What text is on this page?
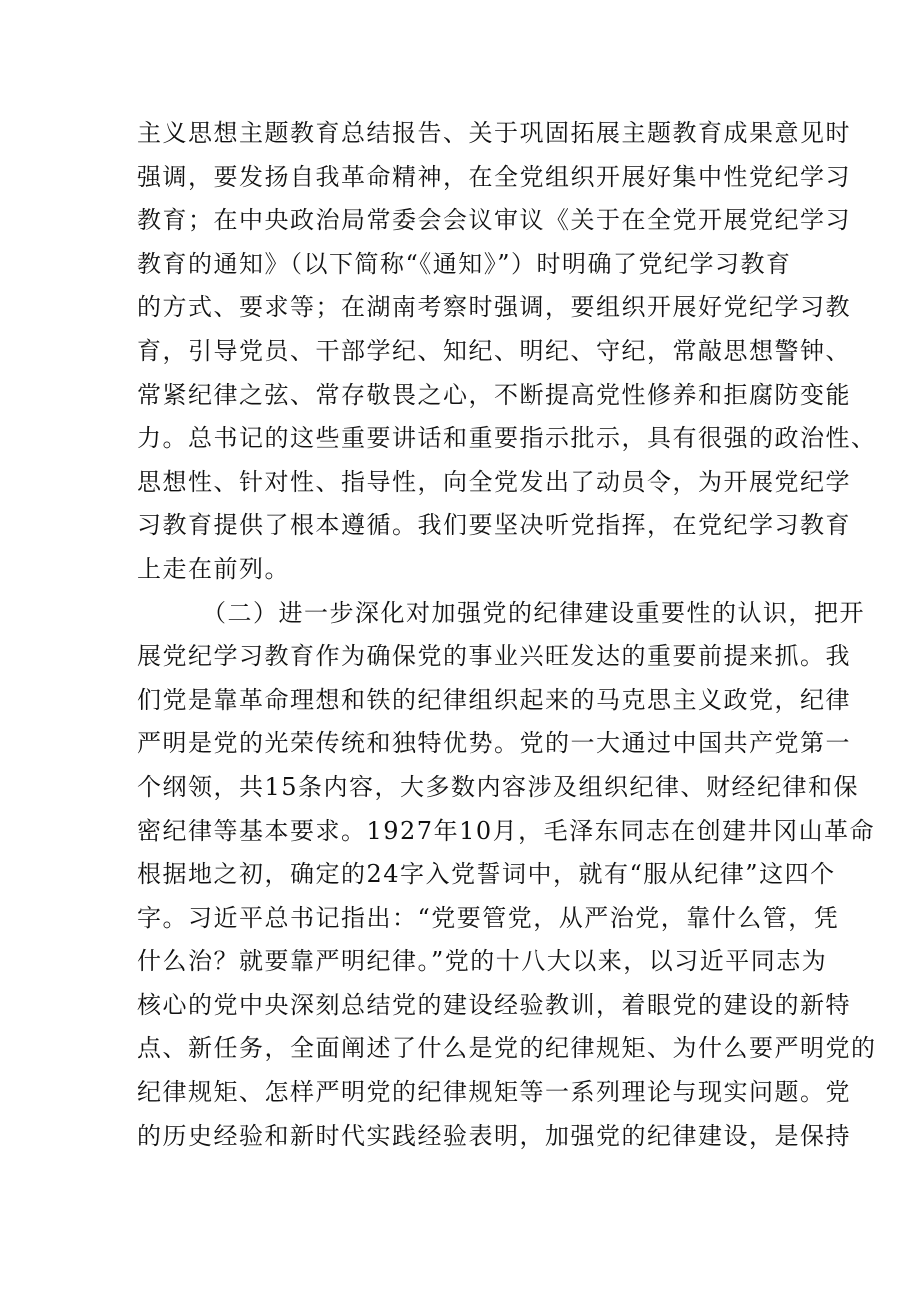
主义思想主题教育总结报告、关于巩固拓展主题教育成果意见时
强调，要发扬自我革命精神，在全党组织开展好集中性党纪学习
教育；在中央政治局常委会会议审议《关于在全党开展党纪学习
教育的通知》（以下简称“《通知》”）时明确了党纪学习教育
的方式、要求等；在湖南考察时强调，要组织开展好党纪学习教
育，引导党员、干部学纪、知纪、明纪、守纪，常敲思想警钟、
常紧纪律之弦、常存敬畏之心，不断提高党性修养和拒腐防变能
力。总书记的这些重要讲话和重要指示批示，具有很强的政治性、
思想性、针对性、指导性，向全党发出了动员令，为开展党纪学
习教育提供了根本遵循。我们要坚决听党指挥，在党纪学习教育
上走在前列。
（二）进一步深化对加强党的纪律建设重要性的认识，把开
展党纪学习教育作为确保党的事业兴旺发达的重要前提来抓。我
们党是靠革命理想和铁的纪律组织起来的马克思主义政党，纪律
严明是党的光荣传统和独特优势。党的一大通过中国共产党第一
个纲领，共15条内容，大多数内容涉及组织纪律、财经纪律和保
密纪律等基本要求。1927年10月，毛泽东同志在创建井冈山革命
根据地之初，确定的24字入党誓词中，就有“服从纪律”这四个
字。习近平总书记指出：“党要管党，从严治党，靠什么管，凭
什么治？就要靠严明纪律。”党的十八大以来，以习近平同志为
核心的党中央深刻总结党的建设经验教训，着眼党的建设的新特
点、新任务，全面阐述了什么是党的纪律规矩、为什么要严明党的
纪律规矩、怎样严明党的纪律规矩等一系列理论与现实问题。党
的历史经验和新时代实践经验表明，加强党的纪律建设，是保持
